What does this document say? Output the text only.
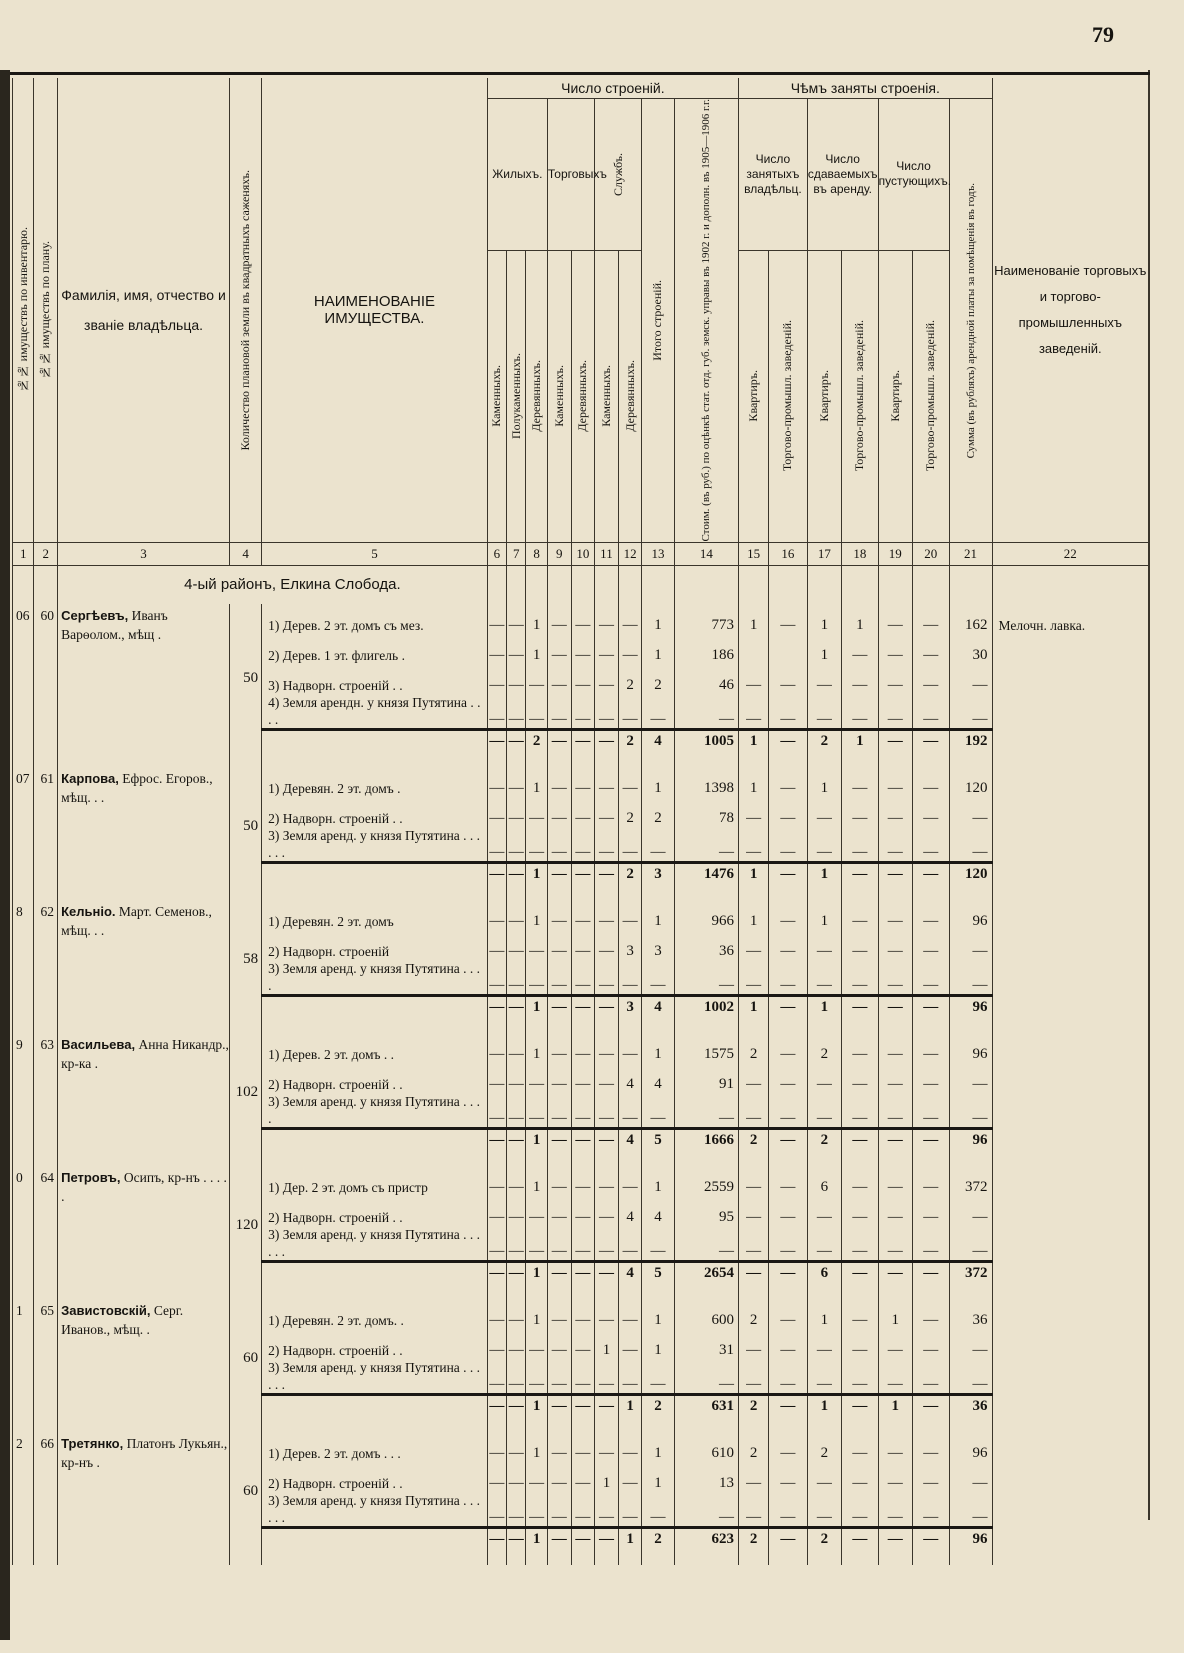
79
№№ имуществъ по инвентарю.	№№ имуществъ по плану.	Фамилія, имя, отчество и званіе владѣльца.	Количество плановой земли въ квадратныхъ саженяхъ.	НАИМЕНОВАНІЕ ИМУЩЕСТВА.	Число строеній.									Чѣмъ заняты строенія.							Наименованіе торговыхъ и торгово-промышленныхъ заведеній.
					Жилыхъ.			Торговыхъ		Службъ.		Итого строеній.	Стоим. (въ руб.) по оцѣнкѣ стат. отд. губ. земск. управы въ 1902 г. и дополн. въ 1905—1906 г.г.	Число занятыхъ владѣльц.		Число сдаваемыхъ въ аренду.		Число пустующихъ.		Сумма (въ рубляхъ) арендной платы за помѣщенія въ годъ.	

					Каменныхъ.	Полукаменныхъ.	Деревянныхъ.	Каменныхъ.	Деревянныхъ.	Каменныхъ.	Деревянныхъ.			Квартиръ.	Торгово-промышл. заведеній.	Квартиръ.	Торгово-промышл. заведеній.	Квартиръ.	Торгово-промышл. заведеній.		

1	2	3	4	5	6	7	8	9	10	11	12	13	14	15	16	17	18	19	20	21	22
		4-ый районъ, Елкина Слобода.																			
06	60	Сергѣевъ, Иванъ Варѳолом., мѣщ .	50	1) Дерев. 2 эт. домъ съ мез.	—	—	1	—	—	—	—	1	773	1	—	1	1	—	—	162	Мелочн. лавка.
				2) Дерев. 1 эт. флигель .	—	—	1	—	—	—	—	1	186			1	—	—	—	30	
				3) Надворн. строеній . .	—	—	—	—	—	—	2	2	46	—	—	—	—	—	—	—	
				4) Земля арендн. у князя Путятина . . . .	—	—	—	—	—	—	—	—	—	—	—	—	—	—	—	—	
					—	—	2	—	—	—	2	4	1005	1	—	2	1	—	—	192	

07	61	Карпова, Ефрос. Егоров., мѣщ. . .	50	1) Деревян. 2 эт. домъ .	—	—	1	—	—	—	—	1	1398	1	—	1	—	—	—	120	
				2) Надворн. строеній . .	—	—	—	—	—	—	2	2	78	—	—	—	—	—	—	—	
				3) Земля арeнд. у князя Путятина . . . . . .	—	—	—	—	—	—	—	—	—	—	—	—	—	—	—	—	
					—	—	1	—	—	—	2	3	1476	1	—	1	—	—	—	120	

8	62	Кельніо. Март. Семенов., мѣщ. . .	58	1) Деревян. 2 эт. домъ	—	—	1	—	—	—	—	1	966	1	—	1	—	—	—	96	
				2) Надворн. строеній	—	—	—	—	—	—	3	3	36	—	—	—	—	—	—	—	
				3) Земля арeнд. у князя Путятина . . . .	—	—	—	—	—	—	—	—	—	—	—	—	—	—	—	—	
					—	—	1	—	—	—	3	4	1002	1	—	1	—	—	—	96	

9	63	Васильева, Анна Никандр., кр-ка .	102	1) Дерев. 2 эт. домъ . .	—	—	1	—	—	—	—	1	1575	2	—	2	—	—	—	96	
				2) Надворн. строеній . .	—	—	—	—	—	—	4	4	91	—	—	—	—	—	—	—	
				3) Земля арeнд. у князя Путятина . . . .	—	—	—	—	—	—	—	—	—	—	—	—	—	—	—	—	
					—	—	1	—	—	—	4	5	1666	2	—	2	—	—	—	96	

0	64	Петровъ, Осипъ, кр-нъ . . . . .	120	1) Дер. 2 эт. домъ съ пристр	—	—	1	—	—	—	—	1	2559	—	—	6	—	—	—	372	
				2) Надворн. строеній . .	—	—	—	—	—	—	4	4	95	—	—	—	—	—	—	—	
				3) Земля арeнд. у князя Путятина . . . . . .	—	—	—	—	—	—	—	—	—	—	—	—	—	—	—	—	
					—	—	1	—	—	—	4	5	2654	—	—	6	—	—	—	372	

1	65	Завистовскій, Серг. Иванов., мѣщ. .	60	1) Деревян. 2 эт. домъ. .	—	—	1	—	—	—	—	1	600	2	—	1	—	1	—	36	
				2) Надворн. строеній . .	—	—	—	—	—	1	—	1	31	—	—	—	—	—	—	—	
				3) Земля арeнд. у князя Путятина . . . . . .	—	—	—	—	—	—	—	—	—	—	—	—	—	—	—	—	
					—	—	1	—	—	—	1	2	631	2	—	1	—	1	—	36	

2	66	Третянко, Платонъ Лукьян., кр-нъ .	60	1) Дерев. 2 эт. домъ . . .	—	—	1	—	—	—	—	1	610	2	—	2	—	—	—	96	
				2) Надворн. строеній . .	—	—	—	—	—	1	—	1	13	—	—	—	—	—	—	—	
				3) Земля арeнд. у князя Путятина . . . . . .	—	—	—	—	—	—	—	—	—	—	—	—	—	—	—	—	
					—	—	1	—	—	—	1	2	623	2	—	2	—	—	—	96	
